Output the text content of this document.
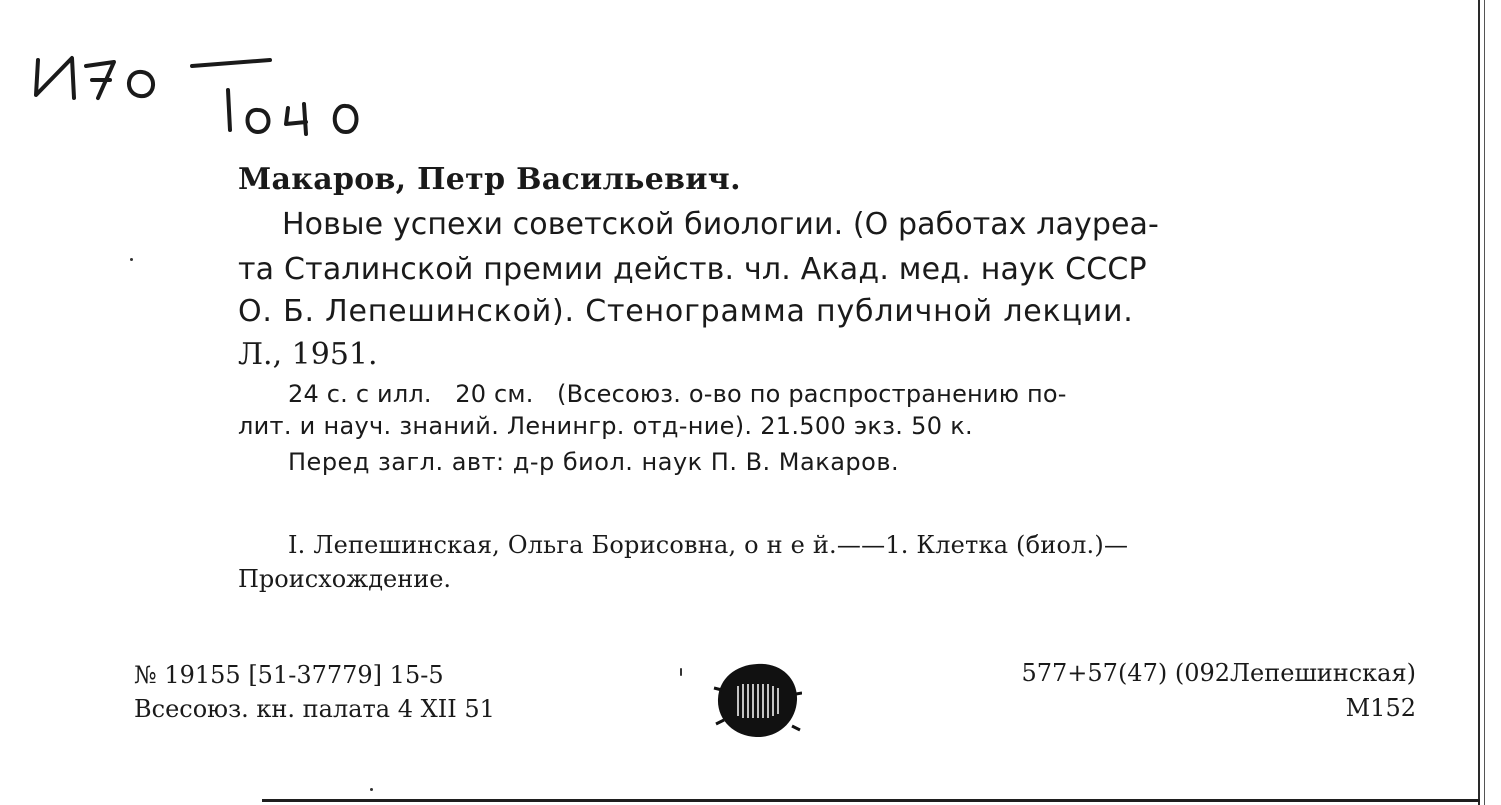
Макаров, Петр Васильевич.
Новые успехи советской биологии. (О работах лауреа-
та Сталинской премии действ. чл. Акад. мед. наук СССР
О. Б. Лепешинской). Стенограмма публичной лекции.
Л., 1951.
24 с. с илл.   20 см.   (Всесоюз. о-во по распространению по-
лит. и науч. знаний. Ленингр. отд-ние). 21.500 экз. 50 к.
Перед загл. авт: д-р биол. наук П. В. Макаров.
I. Лепешинская, Ольга Борисовна, о н е й.——1. Клетка (биол.)—
Происхождение.
№ 19155 [51-37779] 15-5
Всесоюз. кн. палата 4 XII 51
577+57(47) (092Лепешинская)
М152
